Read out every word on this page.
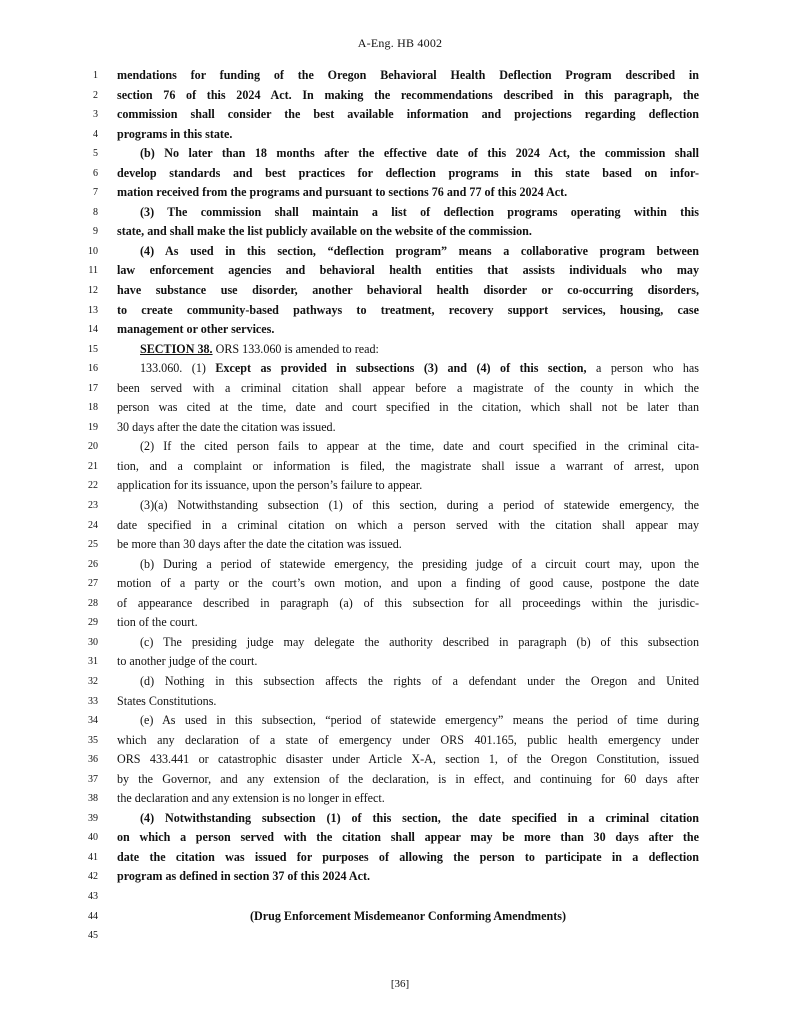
A-Eng. HB 4002
1 mendations for funding of the Oregon Behavioral Health Deflection Program described in
2 section 76 of this 2024 Act. In making the recommendations described in this paragraph, the
3 commission shall consider the best available information and projections regarding deflection
4 programs in this state.
5	(b) No later than 18 months after the effective date of this 2024 Act, the commission shall
6 develop standards and best practices for deflection programs in this state based on infor-
7 mation received from the programs and pursuant to sections 76 and 77 of this 2024 Act.
8	(3) The commission shall maintain a list of deflection programs operating within this
9 state, and shall make the list publicly available on the website of the commission.
10	(4) As used in this section, “deflection program” means a collaborative program between
11 law enforcement agencies and behavioral health entities that assists individuals who may
12 have substance use disorder, another behavioral health disorder or co-occurring disorders,
13 to create community-based pathways to treatment, recovery support services, housing, case
14 management or other services.
15	SECTION 38. ORS 133.060 is amended to read:
16	133.060. (1) Except as provided in subsections (3) and (4) of this section, a person who has
17 been served with a criminal citation shall appear before a magistrate of the county in which the
18 person was cited at the time, date and court specified in the citation, which shall not be later than
19 30 days after the date the citation was issued.
20	(2) If the cited person fails to appear at the time, date and court specified in the criminal cita-
21 tion, and a complaint or information is filed, the magistrate shall issue a warrant of arrest, upon
22 application for its issuance, upon the person’s failure to appear.
23	(3)(a) Notwithstanding subsection (1) of this section, during a period of statewide emergency, the
24 date specified in a criminal citation on which a person served with the citation shall appear may
25 be more than 30 days after the date the citation was issued.
26	(b) During a period of statewide emergency, the presiding judge of a circuit court may, upon the
27 motion of a party or the court’s own motion, and upon a finding of good cause, postpone the date
28 of appearance described in paragraph (a) of this subsection for all proceedings within the jurisdic-
29 tion of the court.
30	(c) The presiding judge may delegate the authority described in paragraph (b) of this subsection
31 to another judge of the court.
32	(d) Nothing in this subsection affects the rights of a defendant under the Oregon and United
33 States Constitutions.
34	(e) As used in this subsection, “period of statewide emergency” means the period of time during
35 which any declaration of a state of emergency under ORS 401.165, public health emergency under
36 ORS 433.441 or catastrophic disaster under Article X-A, section 1, of the Oregon Constitution, issued
37 by the Governor, and any extension of the declaration, is in effect, and continuing for 60 days after
38 the declaration and any extension is no longer in effect.
39	(4) Notwithstanding subsection (1) of this section, the date specified in a criminal citation
40 on which a person served with the citation shall appear may be more than 30 days after the
41 date the citation was issued for purposes of allowing the person to participate in a deflection
42 program as defined in section 37 of this 2024 Act.
43
44	(Drug Enforcement Misdemeanor Conforming Amendments)
45
[36]
